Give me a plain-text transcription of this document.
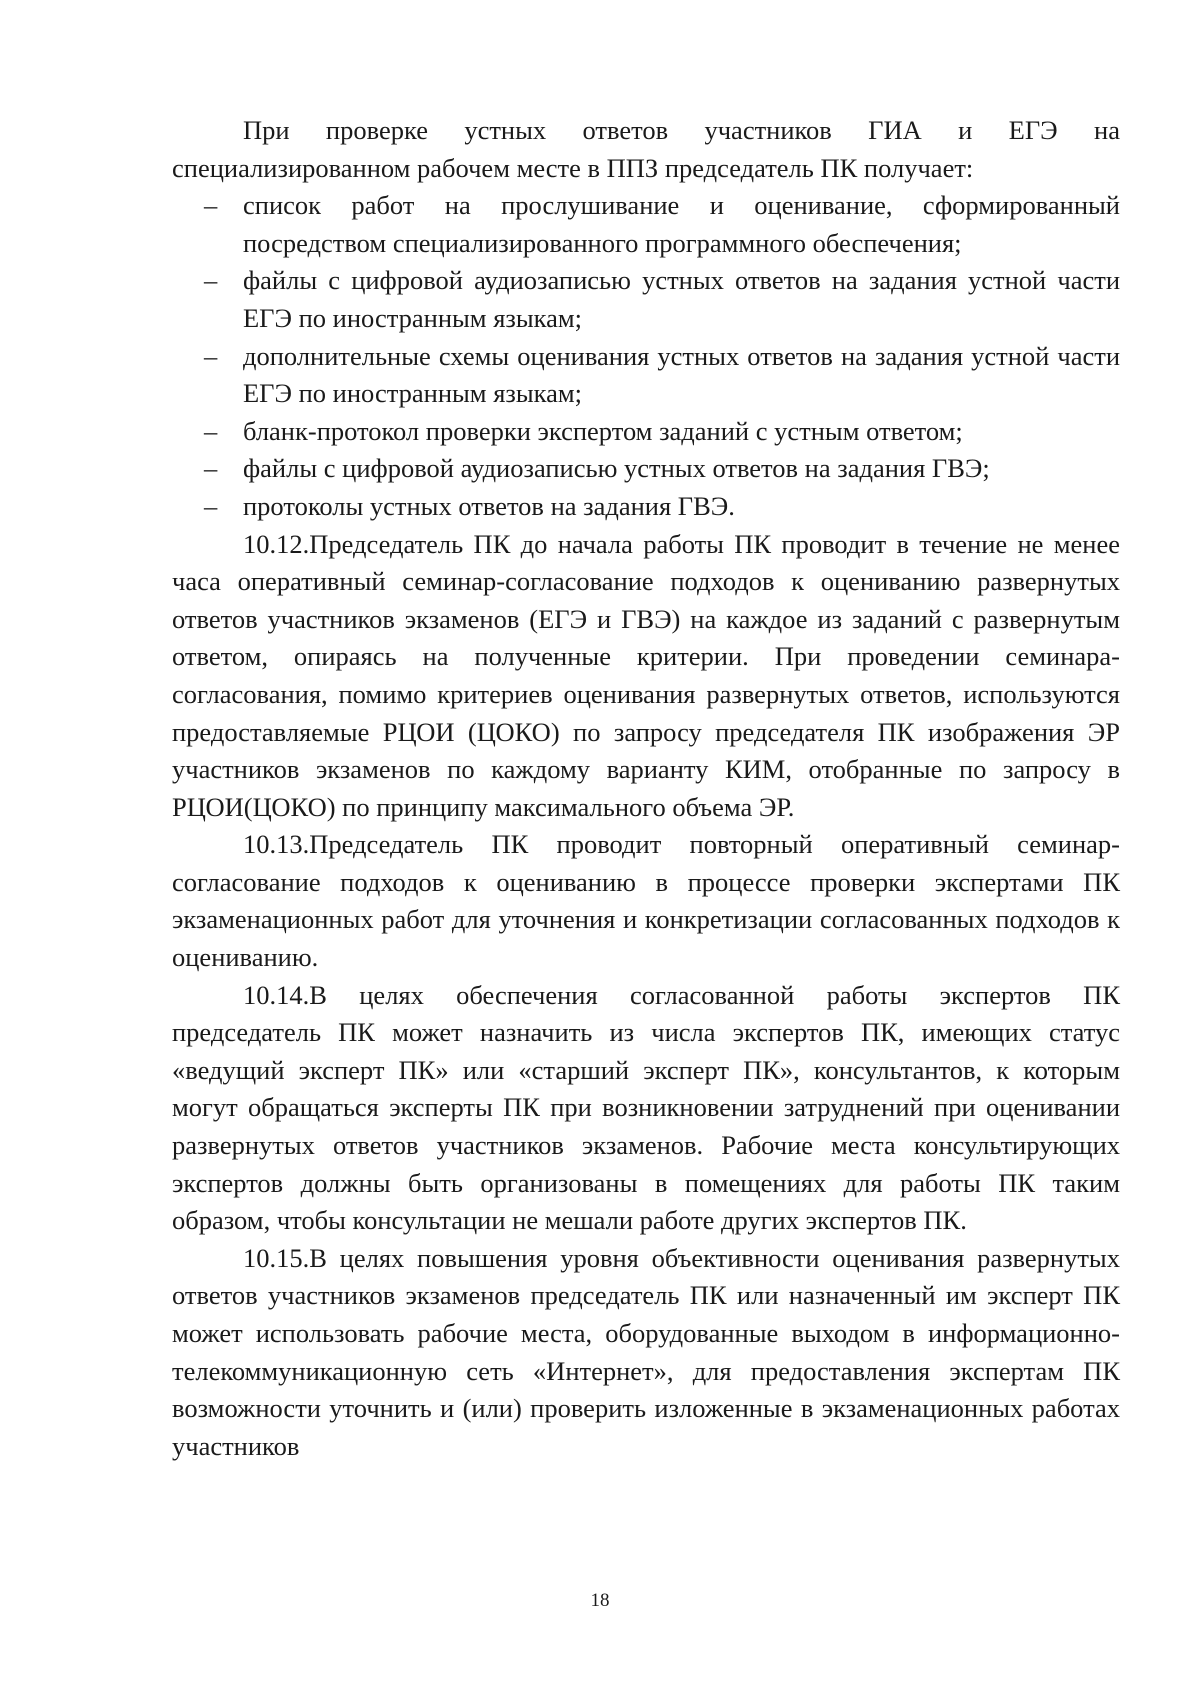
При проверке устных ответов участников ГИА и ЕГЭ на специализированном рабочем месте в ППЗ председатель ПК получает:

– список работ на прослушивание и оценивание, сформированный посредством специализированного программного обеспечения;
– файлы с цифровой аудиозаписью устных ответов на задания устной части ЕГЭ по иностранным языкам;
– дополнительные схемы оценивания устных ответов на задания устной части ЕГЭ по иностранным языкам;
– бланк-протокол проверки экспертом заданий с устным ответом;
– файлы с цифровой аудиозаписью устных ответов на задания ГВЭ;
– протоколы устных ответов на задания ГВЭ.

10.12.Председатель ПК до начала работы ПК проводит в течение не менее часа оперативный семинар-согласование подходов к оцениванию развернутых ответов участников экзаменов (ЕГЭ и ГВЭ) на каждое из заданий с развернутым ответом, опираясь на полученные критерии. При проведении семинара-согласования, помимо критериев оценивания развернутых ответов, используются предоставляемые РЦОИ (ЦОКО) по запросу председателя ПК изображения ЭР участников экзаменов по каждому варианту КИМ, отобранные по запросу в РЦОИ(ЦОКО) по принципу максимального объема ЭР.

10.13.Председатель ПК проводит повторный оперативный семинар-согласование подходов к оцениванию в процессе проверки экспертами ПК экзаменационных работ для уточнения и конкретизации согласованных подходов к оцениванию.

10.14.В целях обеспечения согласованной работы экспертов ПК председатель ПК может назначить из числа экспертов ПК, имеющих статус «ведущий эксперт ПК» или «старший эксперт ПК», консультантов, к которым могут обращаться эксперты ПК при возникновении затруднений при оценивании развернутых ответов участников экзаменов. Рабочие места консультирующих экспертов должны быть организованы в помещениях для работы ПК таким образом, чтобы консультации не мешали работе других экспертов ПК.

10.15.В целях повышения уровня объективности оценивания развернутых ответов участников экзаменов председатель ПК или назначенный им эксперт ПК может использовать рабочие места, оборудованные выходом в информационно-телекоммуникационную сеть «Интернет», для предоставления экспертам ПК возможности уточнить и (или) проверить изложенные в экзаменационных работах участников

18
